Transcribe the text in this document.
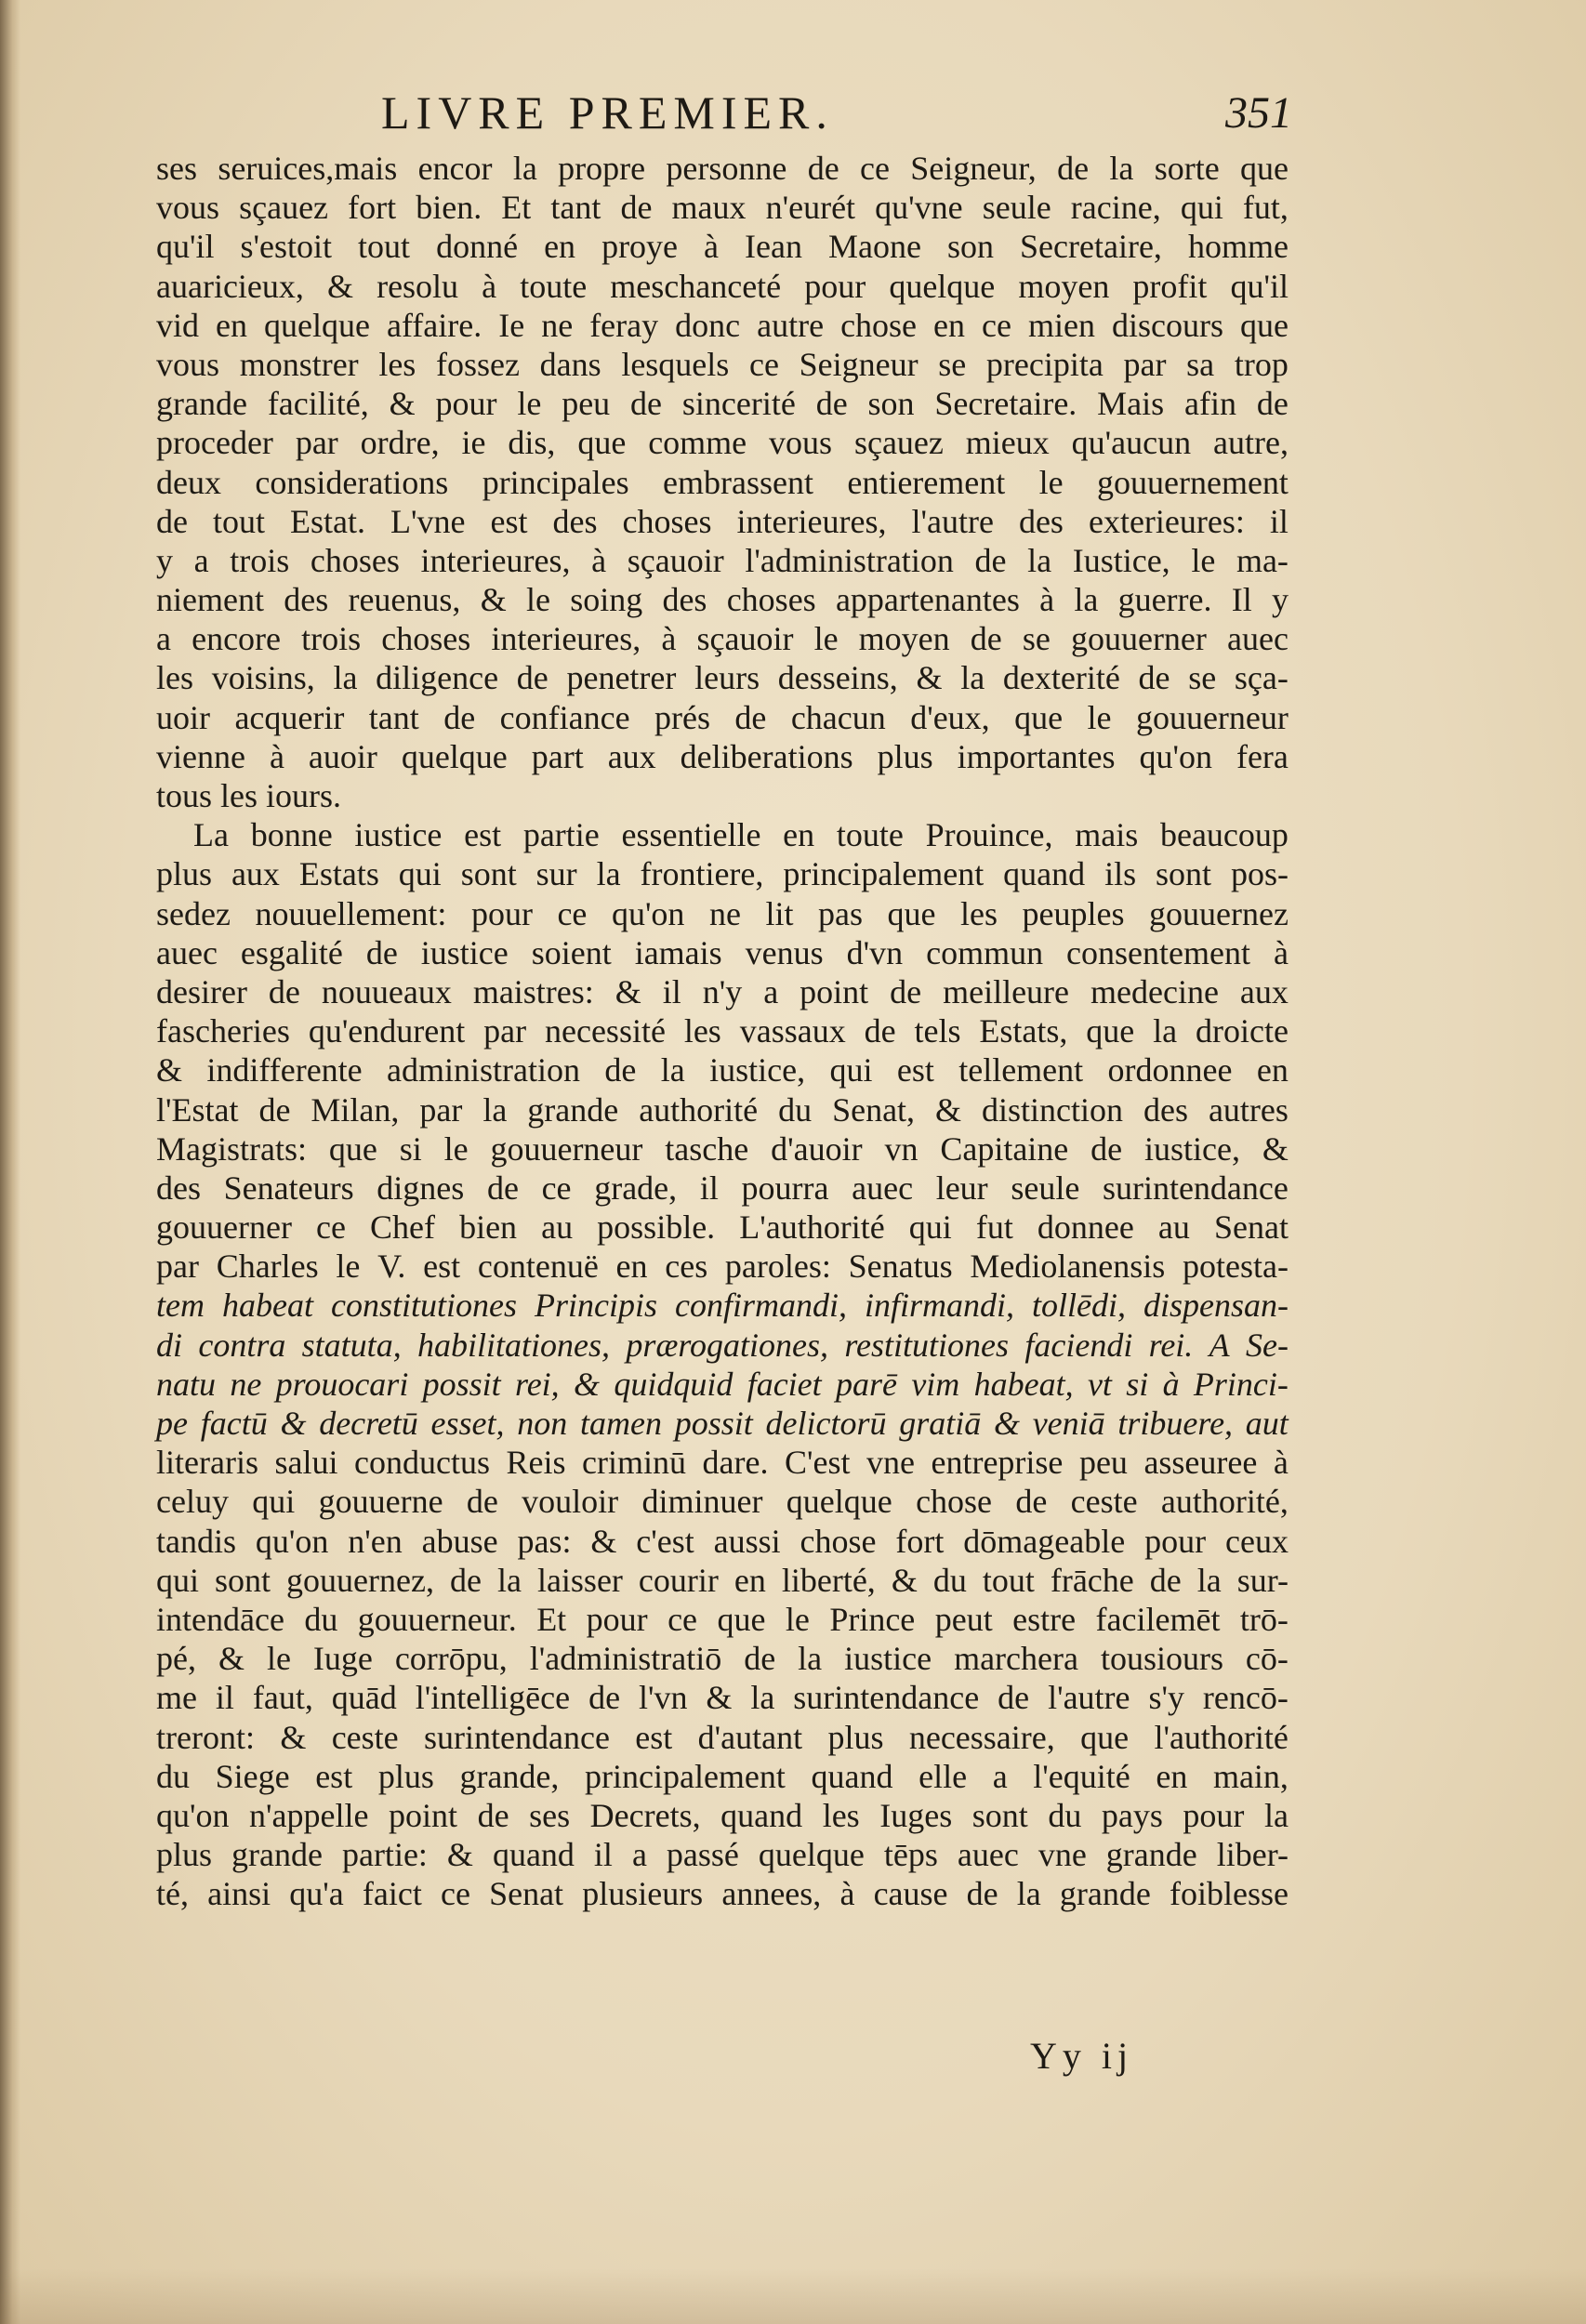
LIVRE PREMIER.	351
ses seruices,mais encor la propre personne de ce Seigneur, de la sorte que
vous sçauez fort bien. Et tant de maux n'eurét qu'vne seule racine, qui fut,
qu'il s'estoit tout donné en proye à Iean Maone son Secretaire, homme
auaricieux, & resolu à toute meschanceté pour quelque moyen profit qu'il
vid en quelque affaire. Ie ne feray donc autre chose en ce mien discours que
vous monstrer les fossez dans lesquels ce Seigneur se precipita par sa trop
grande facilité, & pour le peu de sincerité de son Secretaire. Mais afin de
proceder par ordre, ie dis, que comme vous sçauez mieux qu'aucun autre,
deux considerations principales embrassent entierement le gouuernement
de tout Estat. L'vne est des choses interieures, l'autre des exterieures: il
y a trois choses interieures, à sçauoir l'administration de la Iustice, le ma-
niement des reuenus, & le soing des choses appartenantes à la guerre. Il y
a encore trois choses interieures, à sçauoir le moyen de se gouuerner auec
les voisins, la diligence de penetrer leurs desseins, & la dexterité de se sça-
uoir acquerir tant de confiance prés de chacun d'eux, que le gouuerneur
vienne à auoir quelque part aux deliberations plus importantes qu'on fera
tous les iours.
La bonne iustice est partie essentielle en toute Prouince, mais beaucoup
plus aux Estats qui sont sur la frontiere, principalement quand ils sont pos-
sedez nouuellement: pour ce qu'on ne lit pas que les peuples gouuernez
auec esgalité de iustice soient iamais venus d'vn commun consentement à
desirer de nouueaux maistres: & il n'y a point de meilleure medecine aux
fascheries qu'endurent par necessité les vassaux de tels Estats, que la droicte
& indifferente administration de la iustice, qui est tellement ordonnee en
l'Estat de Milan, par la grande authorité du Senat, & distinction des autres
Magistrats: que si le gouuerneur tasche d'auoir vn Capitaine de iustice, &
des Senateurs dignes de ce grade, il pourra auec leur seule surintendance
gouuerner ce Chef bien au possible. L'authorité qui fut donnee au Senat
par Charles le V. est contenuë en ces paroles: Senatus Mediolanensis potesta-
tem habeat constitutiones Principis confirmandi, infirmandi, tollēdi, dispensan-
di contra statuta, habilitationes, prærogationes, restitutiones faciendi rei. A Se-
natu ne prouocari possit rei, & quidquid faciet parē vim habeat, vt si à Princi-
pe factū & decretū esset, non tamen possit delictorū gratiā & veniā tribuere, aut
literaris salui conductus Reis criminū dare. C'est vne entreprise peu asseuree à
celuy qui gouuerne de vouloir diminuer quelque chose de ceste authorité,
tandis qu'on n'en abuse pas: & c'est aussi chose fort dōmageable pour ceux
qui sont gouuernez, de la laisser courir en liberté, & du tout frāche de la sur-
intendāce du gouuerneur. Et pour ce que le Prince peut estre facilemēt trō-
pé, & le Iuge corrōpu, l'administratiō de la iustice marchera tousiours cō-
me il faut, quād l'intelligēce de l'vn & la surintendance de l'autre s'y rencō-
treront: & ceste surintendance est d'autant plus necessaire, que l'authorité
du Siege est plus grande, principalement quand elle a l'equité en main,
qu'on n'appelle point de ses Decrets, quand les Iuges sont du pays pour la
plus grande partie: & quand il a passé quelque tēps auec vne grande liber-
té, ainsi qu'a faict ce Senat plusieurs annees, à cause de la grande foiblesse
Yy ij
